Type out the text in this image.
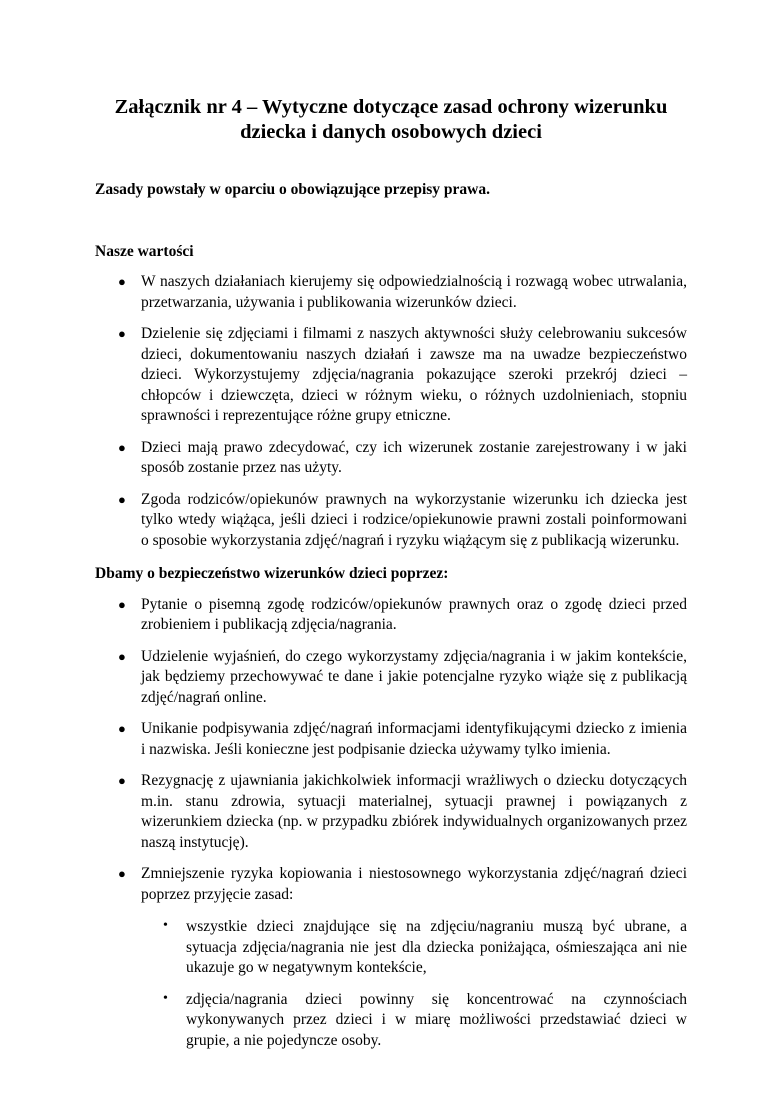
Załącznik nr 4 – Wytyczne dotyczące zasad ochrony wizerunku dziecka i danych osobowych dzieci

Zasady powstały w oparciu o obowiązujące przepisy prawa.

Nasze wartości

● W naszych działaniach kierujemy się odpowiedzialnością i rozwagą wobec utrwalania, przetwarzania, używania i publikowania wizerunków dzieci.
● Dzielenie się zdjęciami i filmami z naszych aktywności służy celebrowaniu sukcesów dzieci, dokumentowaniu naszych działań i zawsze ma na uwadze bezpieczeństwo dzieci. Wykorzystujemy zdjęcia/nagrania pokazujące szeroki przekrój dzieci – chłopców i dziewczęta, dzieci w różnym wieku, o różnych uzdolnieniach, stopniu sprawności i reprezentujące różne grupy etniczne.
● Dzieci mają prawo zdecydować, czy ich wizerunek zostanie zarejestrowany i w jaki sposób zostanie przez nas użyty.
● Zgoda rodziców/opiekunów prawnych na wykorzystanie wizerunku ich dziecka jest tylko wtedy wiążąca, jeśli dzieci i rodzice/opiekunowie prawni zostali poinformowani o sposobie wykorzystania zdjęć/nagrań i ryzyku wiążącym się z publikacją wizerunku.

Dbamy o bezpieczeństwo wizerunków dzieci poprzez:

● Pytanie o pisemną zgodę rodziców/opiekunów prawnych oraz o zgodę dzieci przed zrobieniem i publikacją zdjęcia/nagrania.
● Udzielenie wyjaśnień, do czego wykorzystamy zdjęcia/nagrania i w jakim kontekście, jak będziemy przechowywać te dane i jakie potencjalne ryzyko wiąże się z publikacją zdjęć/nagrań online.
● Unikanie podpisywania zdjęć/nagrań informacjami identyfikującymi dziecko z imienia i nazwiska. Jeśli konieczne jest podpisanie dziecka używamy tylko imienia.
● Rezygnację z ujawniania jakichkolwiek informacji wrażliwych o dziecku dotyczących m.in. stanu zdrowia, sytuacji materialnej, sytuacji prawnej i powiązanych z wizerunkiem dziecka (np. w przypadku zbiórek indywidualnych organizowanych przez naszą instytucję).
● Zmniejszenie ryzyka kopiowania i niestosownego wykorzystania zdjęć/nagrań dzieci poprzez przyjęcie zasad:
• wszystkie dzieci znajdujące się na zdjęciu/nagraniu muszą być ubrane, a sytuacja zdjęcia/nagrania nie jest dla dziecka poniżająca, ośmieszająca ani nie ukazuje go w negatywnym kontekście,
• zdjęcia/nagrania dzieci powinny się koncentrować na czynnościach wykonywanych przez dzieci i w miarę możliwości przedstawiać dzieci w grupie, a nie pojedyncze osoby.
